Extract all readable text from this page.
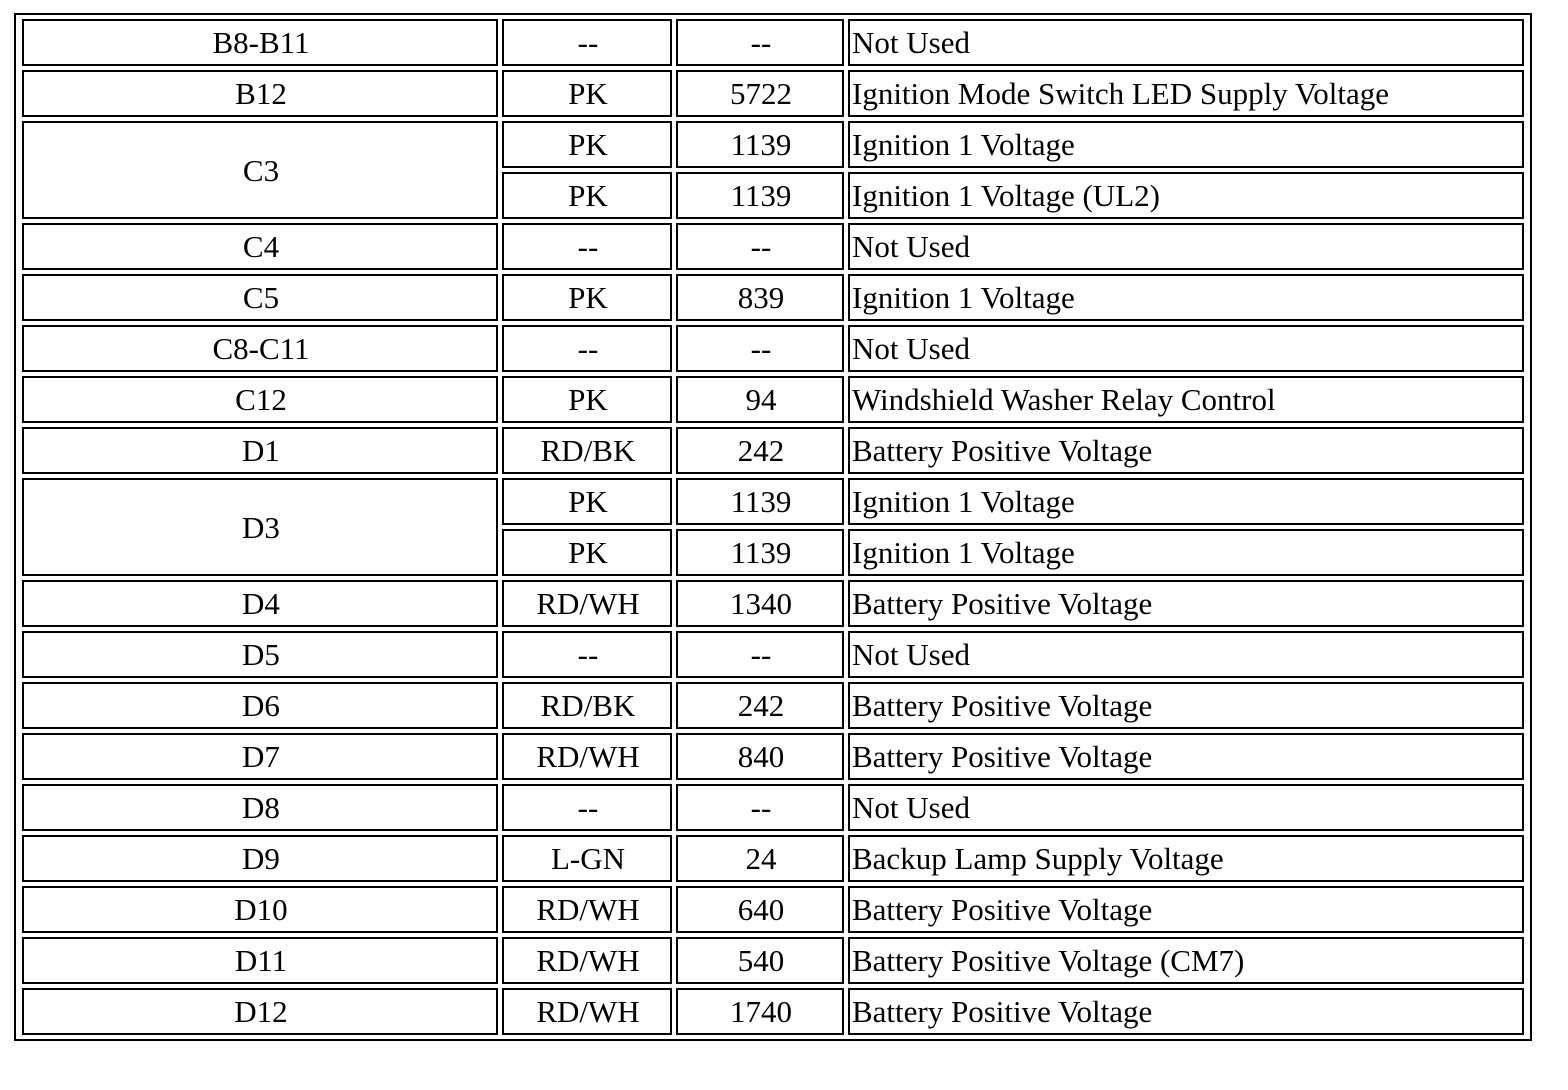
B8-B11	--	--	Not Used
B12	PK	5722	Ignition Mode Switch LED Supply Voltage
C3	PK	1139	Ignition 1 Voltage
	PK	1139	Ignition 1 Voltage (UL2)
C4	--	--	Not Used
C5	PK	839	Ignition 1 Voltage
C8-C11	--	--	Not Used
C12	PK	94	Windshield Washer Relay Control
D1	RD/BK	242	Battery Positive Voltage
D3	PK	1139	Ignition 1 Voltage
	PK	1139	Ignition 1 Voltage
D4	RD/WH	1340	Battery Positive Voltage
D5	--	--	Not Used
D6	RD/BK	242	Battery Positive Voltage
D7	RD/WH	840	Battery Positive Voltage
D8	--	--	Not Used
D9	L-GN	24	Backup Lamp Supply Voltage
D10	RD/WH	640	Battery Positive Voltage
D11	RD/WH	540	Battery Positive Voltage (CM7)
D12	RD/WH	1740	Battery Positive Voltage
